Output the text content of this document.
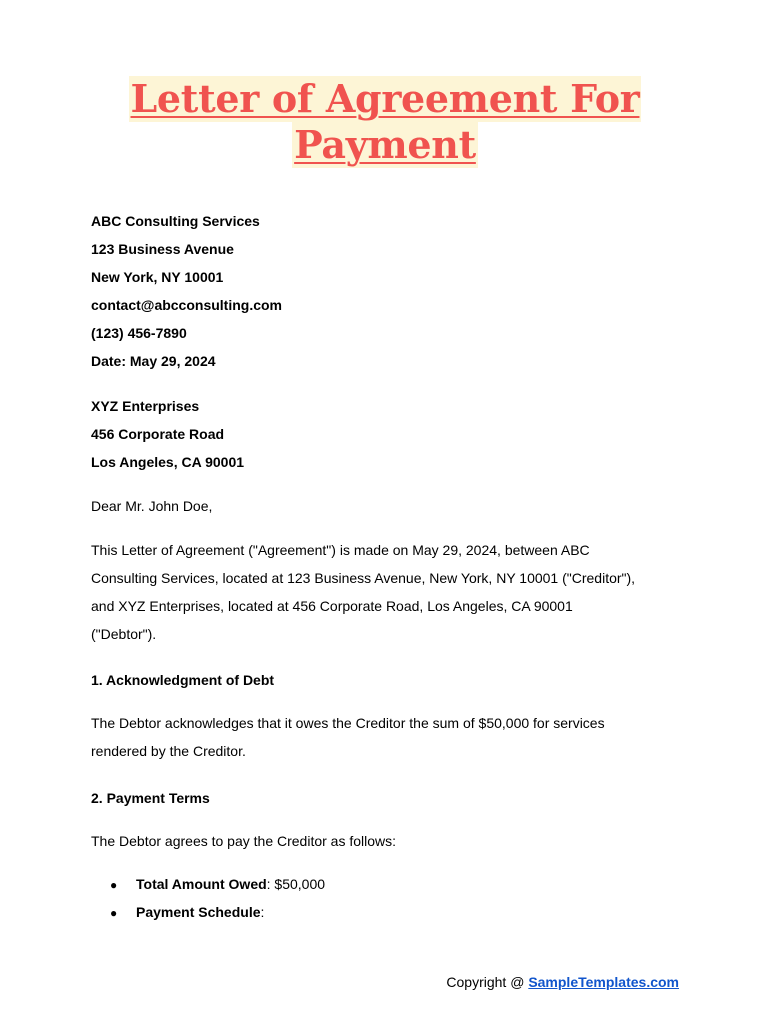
Letter of Agreement For
Payment
ABC Consulting Services
123 Business Avenue
New York, NY 10001
contact@abcconsulting.com
(123) 456-7890
Date: May 29, 2024
XYZ Enterprises
456 Corporate Road
Los Angeles, CA 90001
Dear Mr. John Doe,
This Letter of Agreement ("Agreement") is made on May 29, 2024, between ABC
Consulting Services, located at 123 Business Avenue, New York, NY 10001 ("Creditor"),
and XYZ Enterprises, located at 456 Corporate Road, Los Angeles, CA 90001
("Debtor").
1. Acknowledgment of Debt
The Debtor acknowledges that it owes the Creditor the sum of $50,000 for services
rendered by the Creditor.
2. Payment Terms
The Debtor agrees to pay the Creditor as follows:
● Total Amount Owed: $50,000
● Payment Schedule:
Copyright @ SampleTemplates.com
